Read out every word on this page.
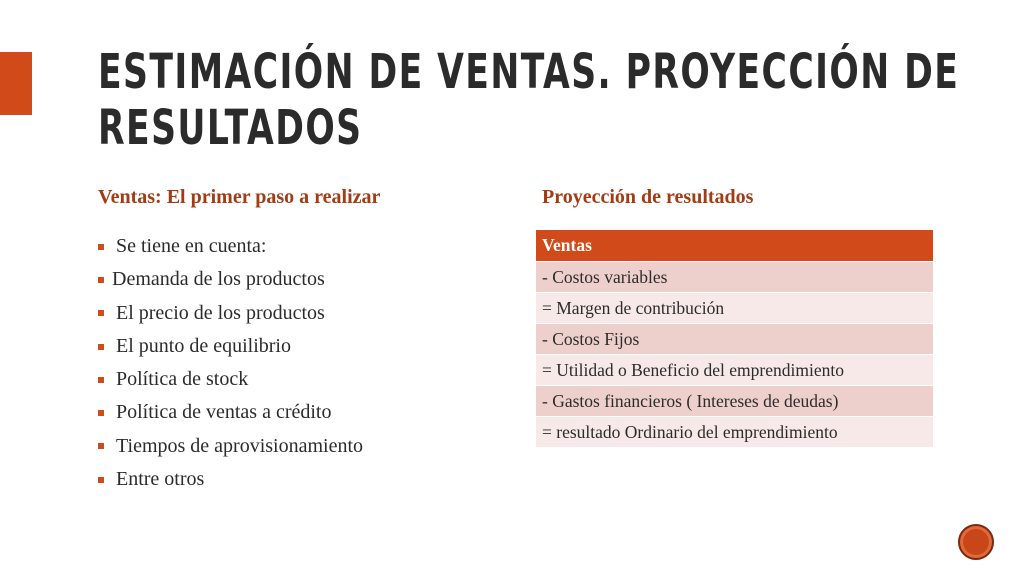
ESTIMACIÓN DE VENTAS. PROYECCIÓN DE RESULTADOS
Ventas: El primer paso a realizar	Proyección de resultados
Se tiene en cuenta:
Demanda de los productos
El precio de los productos
El punto de equilibrio
Política de stock
Política de ventas a crédito
Tiempos de aprovisionamiento
Entre otros
Ventas
- Costos variables
= Margen de contribución
- Costos Fijos
= Utilidad o Beneficio del emprendimiento
- Gastos financieros ( Intereses de deudas)
= resultado Ordinario del emprendimiento
